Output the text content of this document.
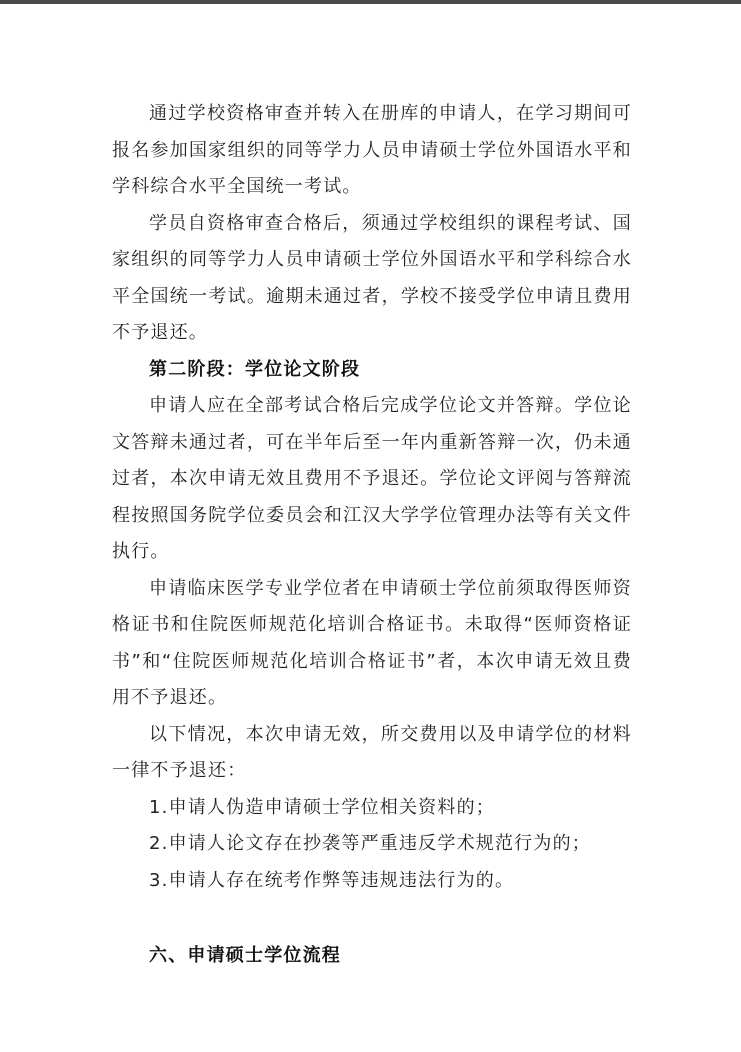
通过学校资格审查并转入在册库的申请人，在学习期间可报名参加国家组织的同等学力人员申请硕士学位外国语水平和学科综合水平全国统一考试。

学员自资格审查合格后，须通过学校组织的课程考试、国家组织的同等学力人员申请硕士学位外国语水平和学科综合水平全国统一考试。逾期未通过者，学校不接受学位申请且费用不予退还。

第二阶段：学位论文阶段

申请人应在全部考试合格后完成学位论文并答辩。学位论文答辩未通过者，可在半年后至一年内重新答辩一次，仍未通过者，本次申请无效且费用不予退还。学位论文评阅与答辩流程按照国务院学位委员会和江汉大学学位管理办法等有关文件执行。

申请临床医学专业学位者在申请硕士学位前须取得医师资格证书和住院医师规范化培训合格证书。未取得“医师资格证书”和“住院医师规范化培训合格证书”者，本次申请无效且费用不予退还。

以下情况，本次申请无效，所交费用以及申请学位的材料一律不予退还：

1.申请人伪造申请硕士学位相关资料的；

2.申请人论文存在抄袭等严重违反学术规范行为的；

3.申请人存在统考作弊等违规违法行为的。

六、申请硕士学位流程
